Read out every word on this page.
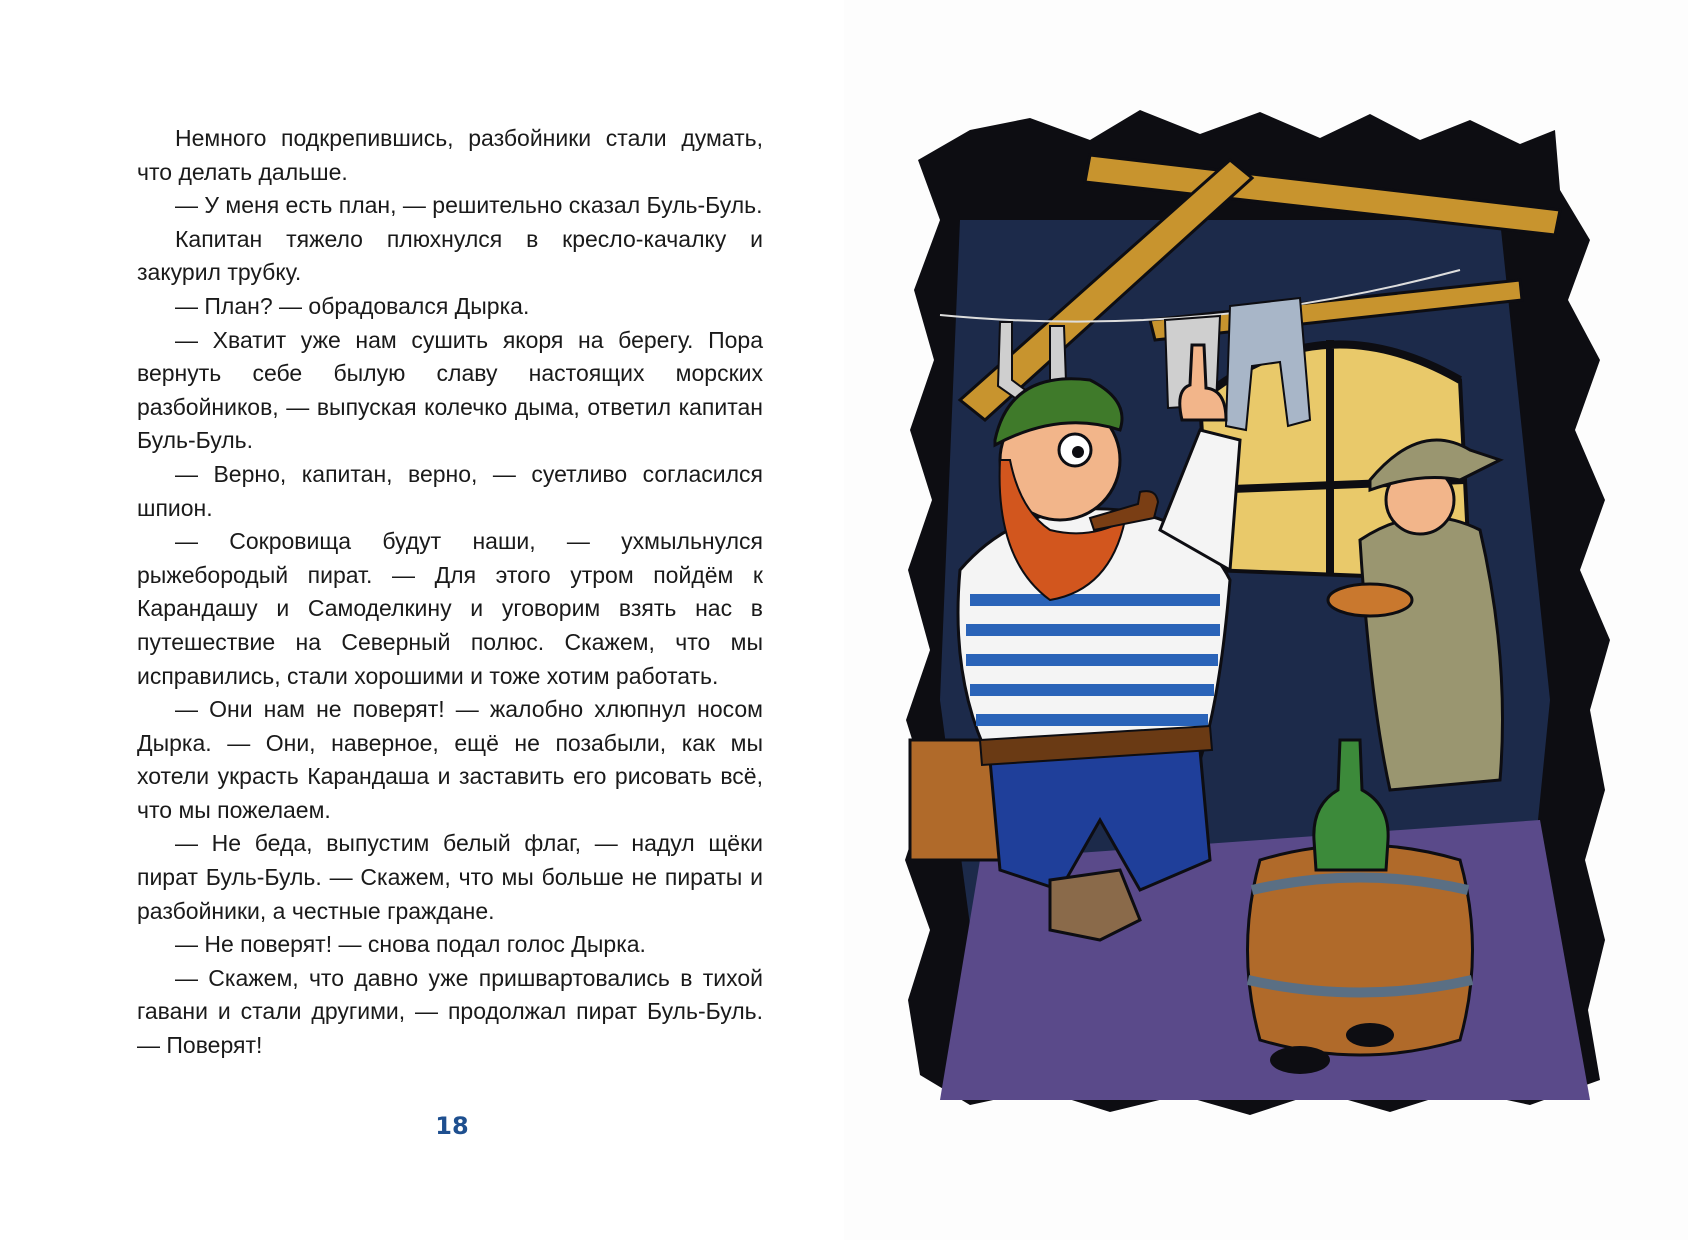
Немного подкрепившись, разбойники стали думать, что делать дальше.

— У меня есть план, — решительно сказал Буль-Буль.

Капитан тяжело плюхнулся в кресло-качалку и закурил трубку.

— План? — обрадовался Дырка.

— Хватит уже нам сушить якоря на берегу. Пора вернуть себе былую славу настоящих морских разбойников, — выпуская колечко дыма, ответил капитан Буль-Буль.

— Верно, капитан, верно, — суетливо согласился шпион.

— Сокровища будут наши, — ухмыльнулся рыжебородый пират. — Для этого утром пойдём к Карандашу и Самоделкину и уговорим взять нас в путешествие на Северный полюс. Скажем, что мы исправились, стали хорошими и тоже хотим работать.

— Они нам не поверят! — жалобно хлюпнул носом Дырка. — Они, наверное, ещё не позабыли, как мы хотели украсть Карандаша и заставить его рисовать всё, что мы пожелаем.

— Не беда, выпустим белый флаг, — надул щёки пират Буль-Буль. — Скажем, что мы больше не пираты и разбойники, а честные граждане.

— Не поверят! — снова подал голос Дырка.

— Скажем, что давно уже пришвартовались в тихой гавани и стали другими, — продолжал пират Буль-Буль. — Поверят!

18
